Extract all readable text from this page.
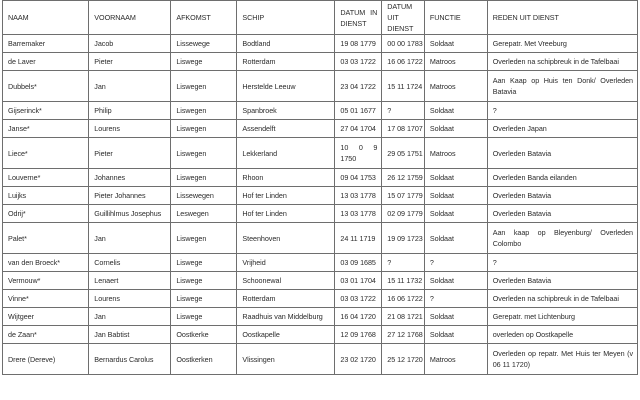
NAAM	VOORNAAM	AFKOMST	SCHIP	DATUM IN DIENST	DATUM UIT DIENST	FUNCTIE	REDEN UIT DIENST
Barremaker	Jacob	Lissewege	Bodtland	19 08 1779	00 00 1783	Soldaat	Gerepatr. Met Vreeburg
de Laver	Pieter	Liswege	Rotterdam	03 03 1722	16 06 1722	Matroos	Overleden na schipbreuk in de Tafelbaai
Dubbels*	Jan	Liswegen	Herstelde Leeuw	23 04 1722	15 11 1724	Matroos	Aan Kaap op Huis ten Donk/ Overleden Batavia
Gijserinck*	Philip	Liswegen	Spanbroek	05 01 1677	?	Soldaat	?
Janse*	Lourens	Liswegen	Assendelft	27 04 1704	17 08 1707	Soldaat	Overleden Japan
Liece*	Pieter	Liswegen	Lekkerland	10 0 9 1750	29 05 1751	Matroos	Overleden Batavia
Louverne*	Johannes	Liswegen	Rhoon	09 04 1753	26 12 1759	Soldaat	Overleden Banda eilanden
Luijks	Pieter Johannes	Lissewegen	Hof ter Linden	13 03 1778	15 07 1779	Soldaat	Overleden Batavia
Odrij*	Guillihlmus Josephus	Leswegen	Hof ter Linden	13 03 1778	02 09 1779	Soldaat	Overleden Batavia
Palet*	Jan	Liswegen	Steenhoven	24 11 1719	19 09 1723	Soldaat	Aan kaap op Bleyenburg/ Overleden Colombo
van den Broeck*	Cornelis	Liswege	Vrijheid	03 09 1685	?	?	?
Vermouw*	Lenaert	Liswege	Schoonewal	03 01 1704	15 11 1732	Soldaat	Overleden Batavia
Vinne*	Lourens	Liswege	Rotterdam	03 03 1722	16 06 1722	?	Overleden na schipbreuk in de Tafelbaai
Wijtgeer	Jan	Liswege	Raadhuis van Middelburg	16 04 1720	21 08 1721	Soldaat	Gerepatr. met Lichtenburg
de Zaan*	Jan Babtist	Oostkerke	Oostkapelle	12 09 1768	27 12 1768	Soldaat	overleden op Oostkapelle
Drere (Dereve)	Bernardus Carolus	Oostkerken	Vlissingen	23 02 1720	25 12 1720	Matroos	Overleden op repatr. Met Huis ter Meyen (v 06 11 1720)
